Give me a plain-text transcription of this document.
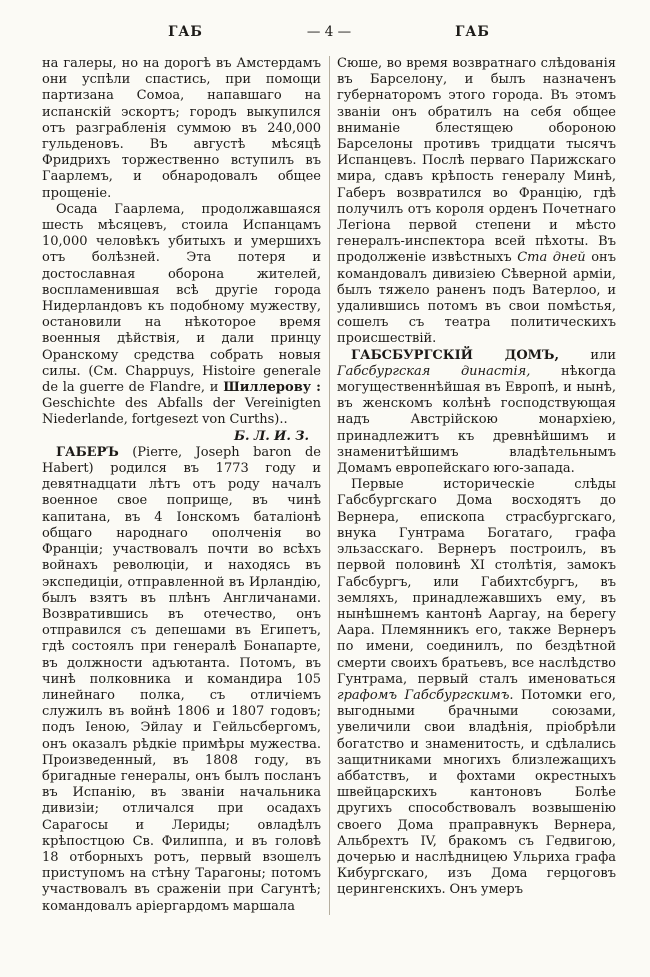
ГАБ	— 4 —	ГАБ

на галеры, но на дорогѣ въ Амстердамъ они успѣли спастись, при помощи партизана Сомоа, напавшаго на испанскій эскортъ; городъ выкупился отъ разграбленія суммою въ 240,000 гульденовъ. Въ августѣ мѣсяцѣ Фридрихъ торжественно вступилъ въ Гаарлемъ, и обнародовалъ общее прощеніе.

Осада Гаарлема, продолжавшаяся шесть мѣсяцевъ, стоила Испанцамъ 10,000 человѣкъ убитыхъ и умершихъ отъ болѣзней. Эта потеря и достославная оборона жителей, воспламенившая всѣ другіе города Нидерландовъ къ подобному мужеству, остановили на нѣкоторое время военныя дѣйствія, и дали принцу Оранскому средства собрать новыя силы. (См. Chappuys, Histoire generale de la guerre de Flandre, и Шиллерову : Geschichte des Abfalls der Vereinigten Niederlande, fortgesezt von Curths)..

Б. Л. И. З.

ГАБЕРЪ (Pierre, Joseph baron de Habert) родился въ 1773 году и девятнадцати лѣтъ отъ роду началъ военное свое поприще, въ чинѣ капитана, въ 4 Іонскомъ баталіонѣ общаго народнаго ополченія во Франціи; участвовалъ почти во всѣхъ войнахъ революціи, и находясь въ экспедиціи, отправленной въ Ирландію, былъ взятъ въ плѣнъ Англичанами. Возвратившись въ отечество, онъ отправился съ депешами въ Египетъ, гдѣ состоялъ при генералѣ Бонапарте, въ должности адъютанта. Потомъ, въ чинѣ полковника и командира 105 линейнаго полка, съ отличіемъ служилъ въ войнѣ 1806 и 1807 годовъ; подъ Іеною, Эйлау и Гейльсбергомъ, онъ оказалъ рѣдкіе примѣры мужества. Произведенный, въ 1808 году, въ бригадные генералы, онъ былъ посланъ въ Испанію, въ званіи начальника дивизіи; отличался при осадахъ Сарагосы и Лериды; овладѣлъ крѣпостцою Св. Филиппа, и въ головѣ 18 отборныхъ ротъ, первый взошелъ приступомъ на стѣну Тарагоны; потомъ участвовалъ въ сраженіи при Сагунтѣ; командовалъ аріергардомъ маршала

Сюше, во время возвратнаго слѣдованія въ Барселону, и былъ назначенъ губернаторомъ этого города. Въ этомъ званіи онъ обратилъ на себя общее вниманіе блестящею обороною Барселоны противъ тридцати тысячъ Испанцевъ. Послѣ перваго Парижскаго мира, сдавъ крѣпость генералу Минѣ, Габеръ возвратился во Францію, гдѣ получилъ отъ короля орденъ Почетнаго Легіона первой степени и мѣсто генералъ-инспектора всей пѣхоты. Въ продолженіе извѣстныхъ Ста дней онъ командовалъ дивизіею Сѣверной арміи, былъ тяжело раненъ подъ Ватерлоо, и удалившись потомъ въ свои помѣстья, сошелъ съ театра политическихъ происшествій.

ГАБСБУРГСКІЙ ДОМЪ, или Габсбургская династія, нѣкогда могущественнѣйшая въ Европѣ, и нынѣ, въ женскомъ колѣнѣ господствующая надъ Австрійскою монархіею, принадлежитъ къ древнѣйшимъ и знаменитѣйшимъ владѣтельнымъ Домамъ европейскаго юго-запада.

Первые историческіе слѣды Габсбургскаго Дома восходятъ до Вернера, епископа страсбургскаго, внука Гунтрама Богатаго, графа эльзасскаго. Вернеръ построилъ, въ первой половинѣ XI столѣтія, замокъ Габсбургъ, или Габихтсбургъ, въ земляхъ, принадлежавшихъ ему, въ нынѣшнемъ кантонѣ Ааргау, на берегу Аара. Племянникъ его, также Вернеръ по имени, соединилъ, по бездѣтной смерти своихъ братьевъ, все наслѣдство Гунтрама, первый сталъ именоваться графомъ Габсбургскимъ. Потомки его, выгодными брачными союзами, увеличили свои владѣнія, пріобрѣли богатство и знаменитость, и сдѣлались защитниками многихъ близлежащихъ аббатствъ, и фохтами окрестныхъ швейцарскихъ кантоновъ Болѣе другихъ способствовалъ возвышенію своего Дома праправнукъ Вернера, Альбрехтъ IV, бракомъ съ Гедвигою, дочерью и наслѣдницею Ульриха графа Кибургскаго, изъ Дома герцоговъ церингенскихъ. Онъ умеръ
